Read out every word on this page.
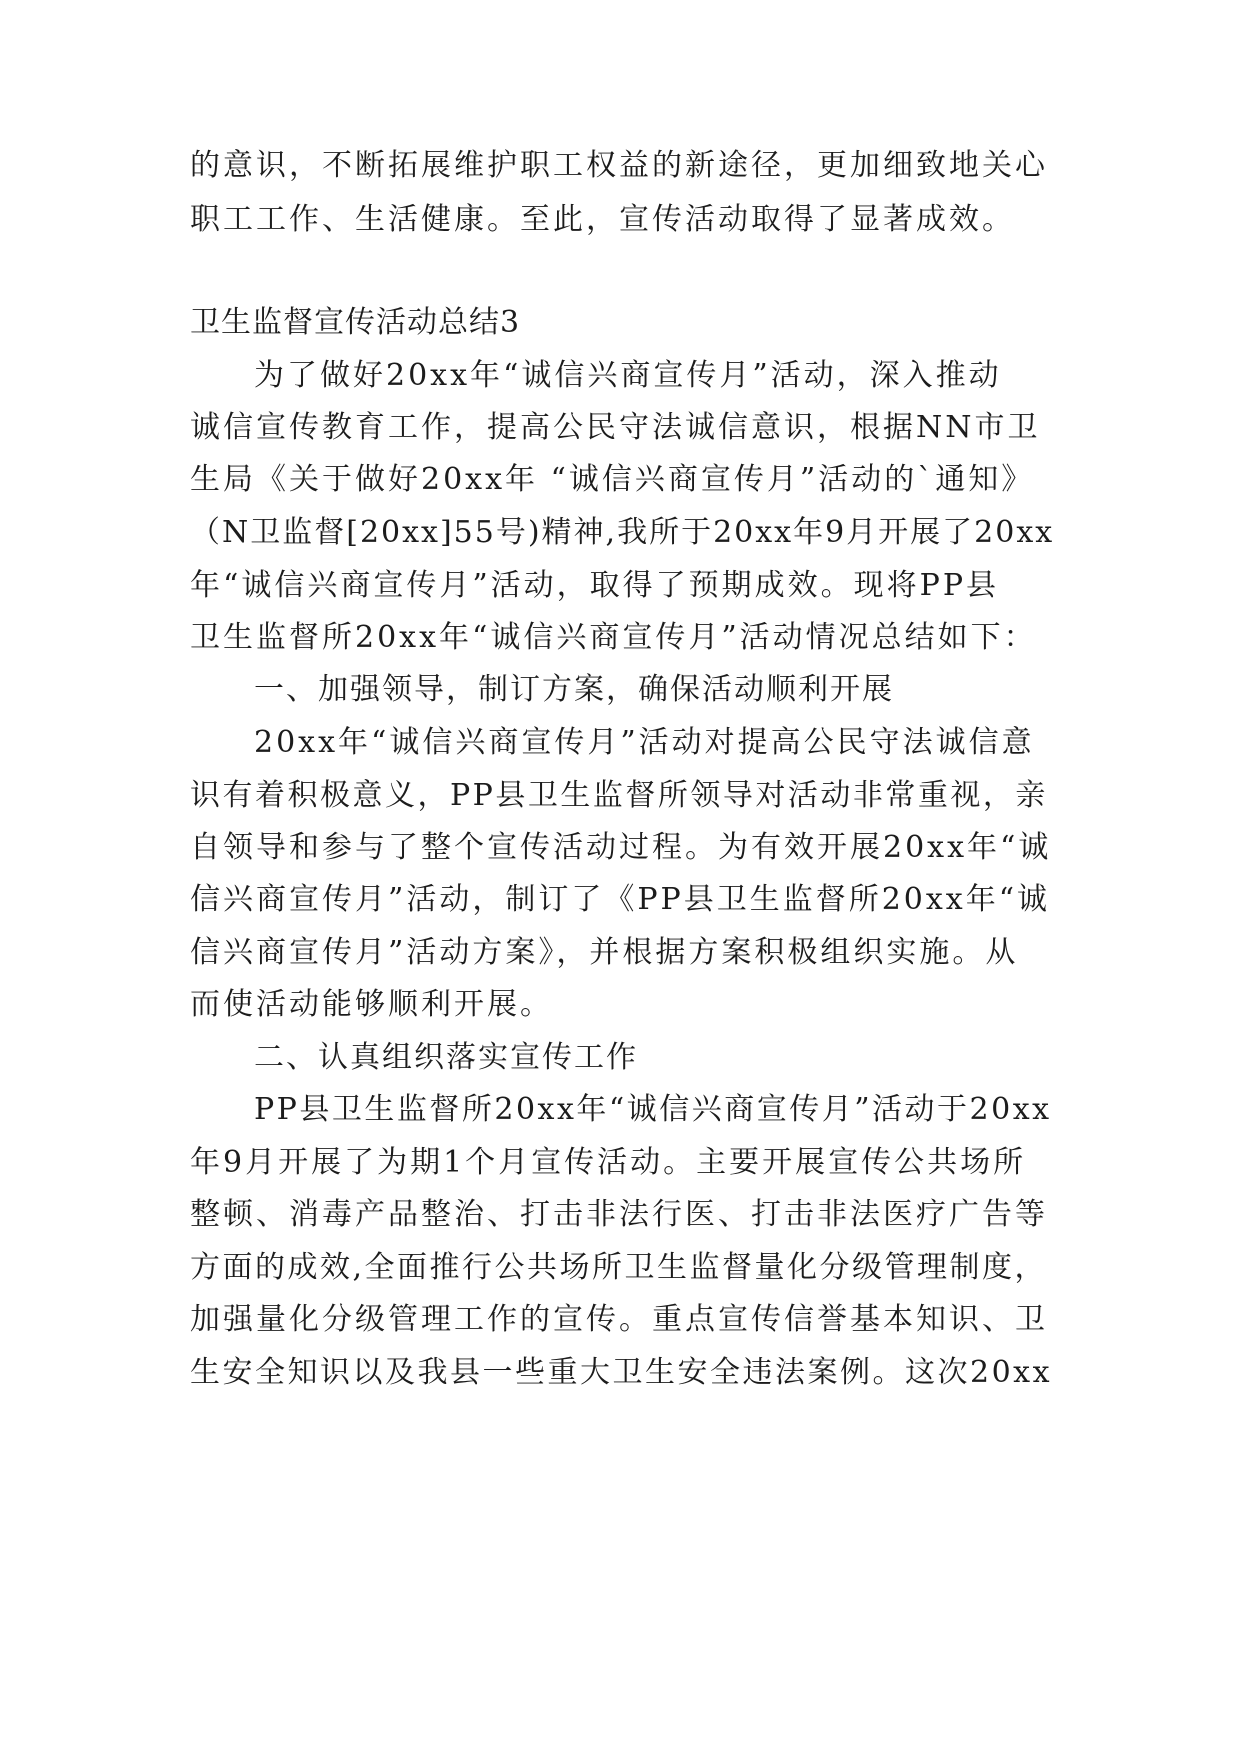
的意识，不断拓展维护职工权益的新途径，更加细致地关心
职工工作、生活健康。至此，宣传活动取得了显著成效。
卫生监督宣传活动总结3
为了做好20xx年“诚信兴商宣传月”活动，深入推动
诚信宣传教育工作，提高公民守法诚信意识，根据NN市卫
生局《关于做好20xx年 “诚信兴商宣传月”活动的`通知》
（N卫监督[20xx]55号)精神,我所于20xx年9月开展了20xx
年“诚信兴商宣传月”活动，取得了预期成效。现将PP县
卫生监督所20xx年“诚信兴商宣传月”活动情况总结如下：
一、加强领导，制订方案，确保活动顺利开展
20xx年“诚信兴商宣传月”活动对提高公民守法诚信意
识有着积极意义，PP县卫生监督所领导对活动非常重视，亲
自领导和参与了整个宣传活动过程。为有效开展20xx年“诚
信兴商宣传月”活动，制订了《PP县卫生监督所20xx年“诚
信兴商宣传月”活动方案》，并根据方案积极组织实施。从
而使活动能够顺利开展。
二、认真组织落实宣传工作
PP县卫生监督所20xx年“诚信兴商宣传月”活动于20xx
年9月开展了为期1个月宣传活动。主要开展宣传公共场所
整顿、消毒产品整治、打击非法行医、打击非法医疗广告等
方面的成效,全面推行公共场所卫生监督量化分级管理制度，
加强量化分级管理工作的宣传。重点宣传信誉基本知识、卫
生安全知识以及我县一些重大卫生安全违法案例。这次20xx
